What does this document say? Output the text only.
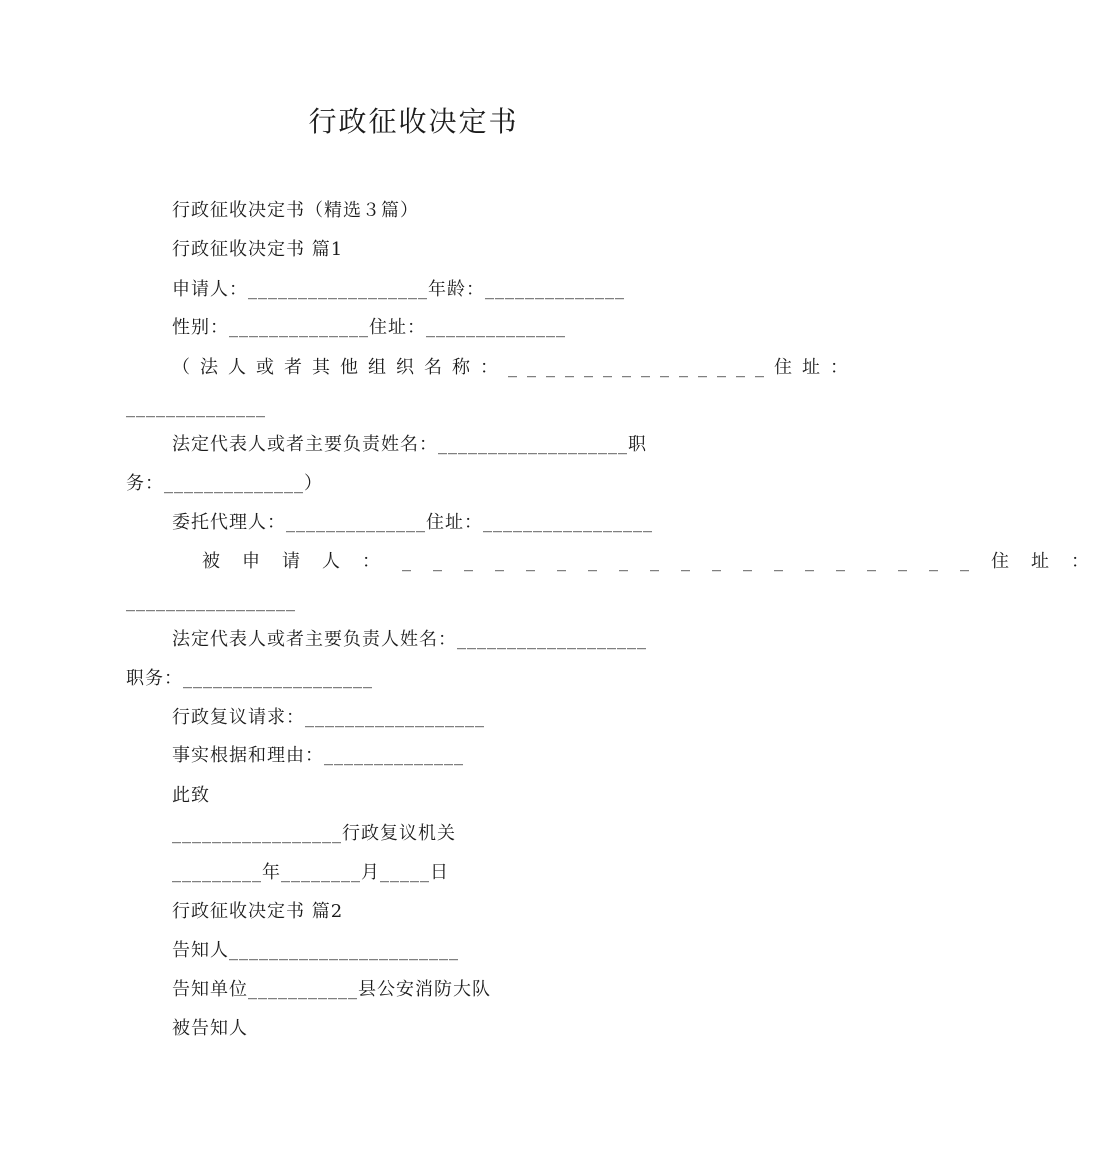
行政征收决定书
行政征收决定书（精选３篇）
行政征收决定书 篇1
申请人：__________________年龄：______________
性别：______________住址：______________
（法人或者其他组织名称：______________住址：
______________
法定代表人或者主要负责姓名：___________________职
务：______________）
委托代理人：______________住址：_________________
被申请人：___________________住址：
_________________
法定代表人或者主要负责人姓名：___________________
职务：___________________
行政复议请求：__________________
事实根据和理由：______________
此致
_________________行政复议机关
_________年________月_____日
行政征收决定书 篇2
告知人_______________________
告知单位___________县公安消防大队
被告知人
